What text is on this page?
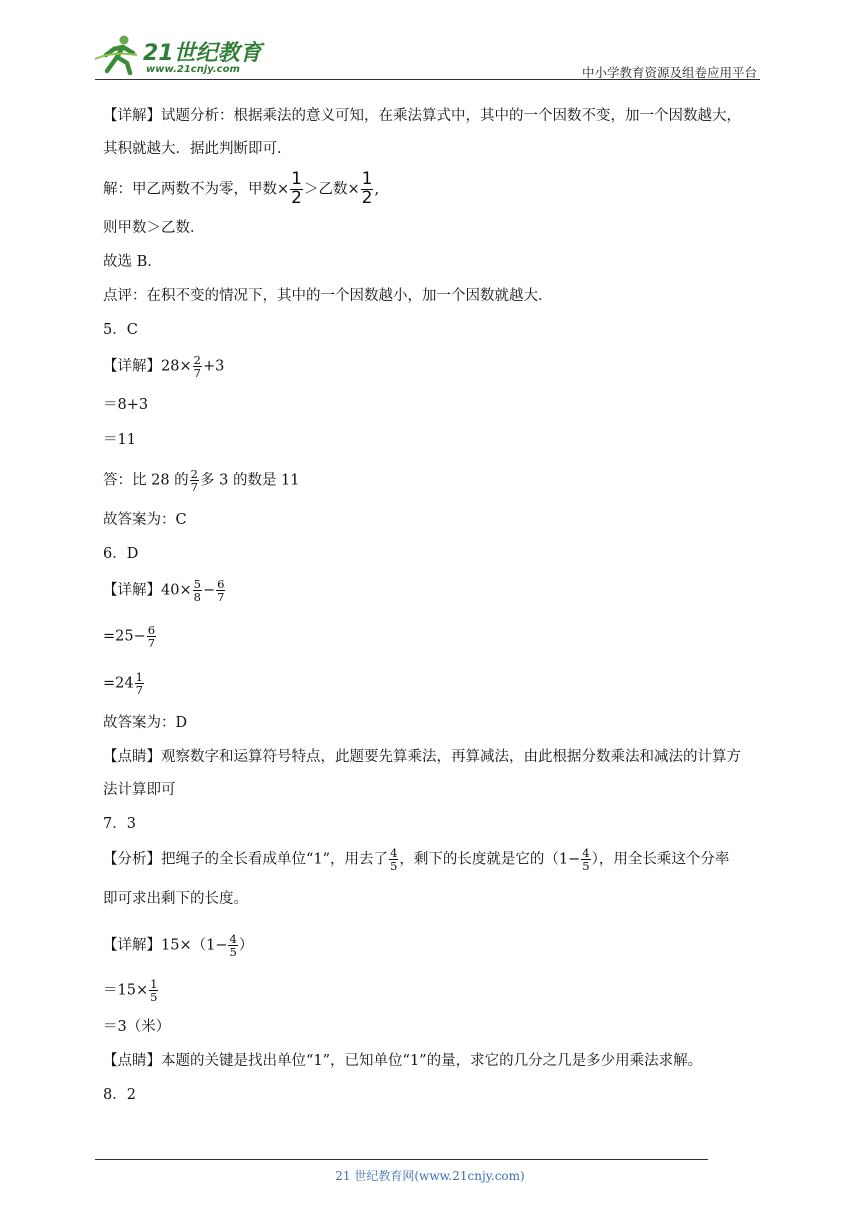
21世纪教育
www.21cnjy.com	中小学教育资源及组卷应用平台
【详解】试题分析：根据乘法的意义可知，在乘法算式中，其中的一个因数不变，加一个因数越大，
其积就越大．据此判断即可．
解：甲乙两数不为零，甲数× $\frac{1}{2}$ ＞乙数× $\frac{1}{2}$ ,
则甲数＞乙数．
故选 B．
点评：在积不变的情况下，其中的一个因数越小，加一个因数就越大．
5．C
【详解】$28\times \frac{2}{7} +3$
＝8+3
＝11
答：比 28 的 $\frac{2}{7}$ 多 3 的数是 11
故答案为：C
6．D
【详解】$40\times \frac{5}{8} - \frac{6}{7}$
$=25- \frac{6}{7}$
$=24 \frac{1}{7}$
故答案为：D
【点睛】观察数字和运算符号特点，此题要先算乘法，再算减法，由此根据分数乘法和减法的计算方
法计算即可
7．3
【分析】把绳子的全长看成单位“1”，用去了 $\frac{4}{5}$ ，剩下的长度就是它的（$1- \frac{4}{5}$ ），用全长乘这个分率
即可求出剩下的长度。
【详解】$15\times(1- \frac{4}{5}$ ）
$=15\times \frac{1}{5}$
＝3（米）
【点睛】本题的关键是找出单位“1”，已知单位“1”的量，求它的几分之几是多少用乘法求解。
8．2
21 世纪教育网(www.21cnjy.com)
